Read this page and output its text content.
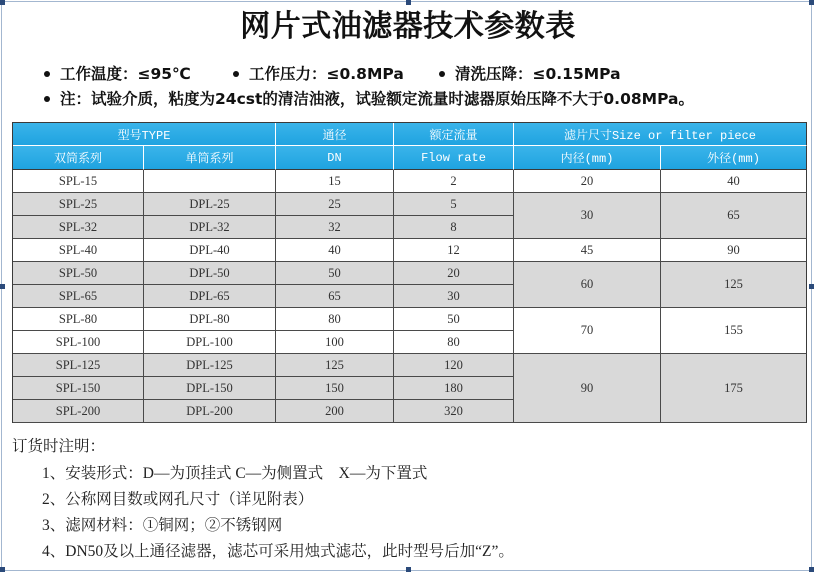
网片式油滤器技术参数表
工作温度：≤95℃	工作压力：≤0.8MPa	清洗压降：≤0.15MPa
注：试验介质，粘度为24cst的清洁油液，试验额定流量时滤器原始压降不大于0.08MPa。
型号TYPE		通径	额定流量	滤片尺寸Size or filter piece	
双筒系列	单筒系列	DN	Flow rate	内径(mm)	外径(mm)
SPL-15		15	2	20	40
SPL-25	DPL-25	25	5	30	65
SPL-32	DPL-32	32	8		
SPL-40	DPL-40	40	12	45	90
SPL-50	DPL-50	50	20	60	125
SPL-65	DPL-65	65	30		
SPL-80	DPL-80	80	50	70	155
SPL-100	DPL-100	100	80		
SPL-125	DPL-125	125	120	90	175
SPL-150	DPL-150	150	180		
SPL-200	DPL-200	200	320		
订货时注明：
1、安装形式：D—为顶挂式 C—为侧置式    X—为下置式
2、公称网目数或网孔尺寸（详见附表）
3、滤网材料：①铜网；②不锈钢网
4、DN50及以上通径滤器，滤芯可采用烛式滤芯，此时型号后加“Z”。
